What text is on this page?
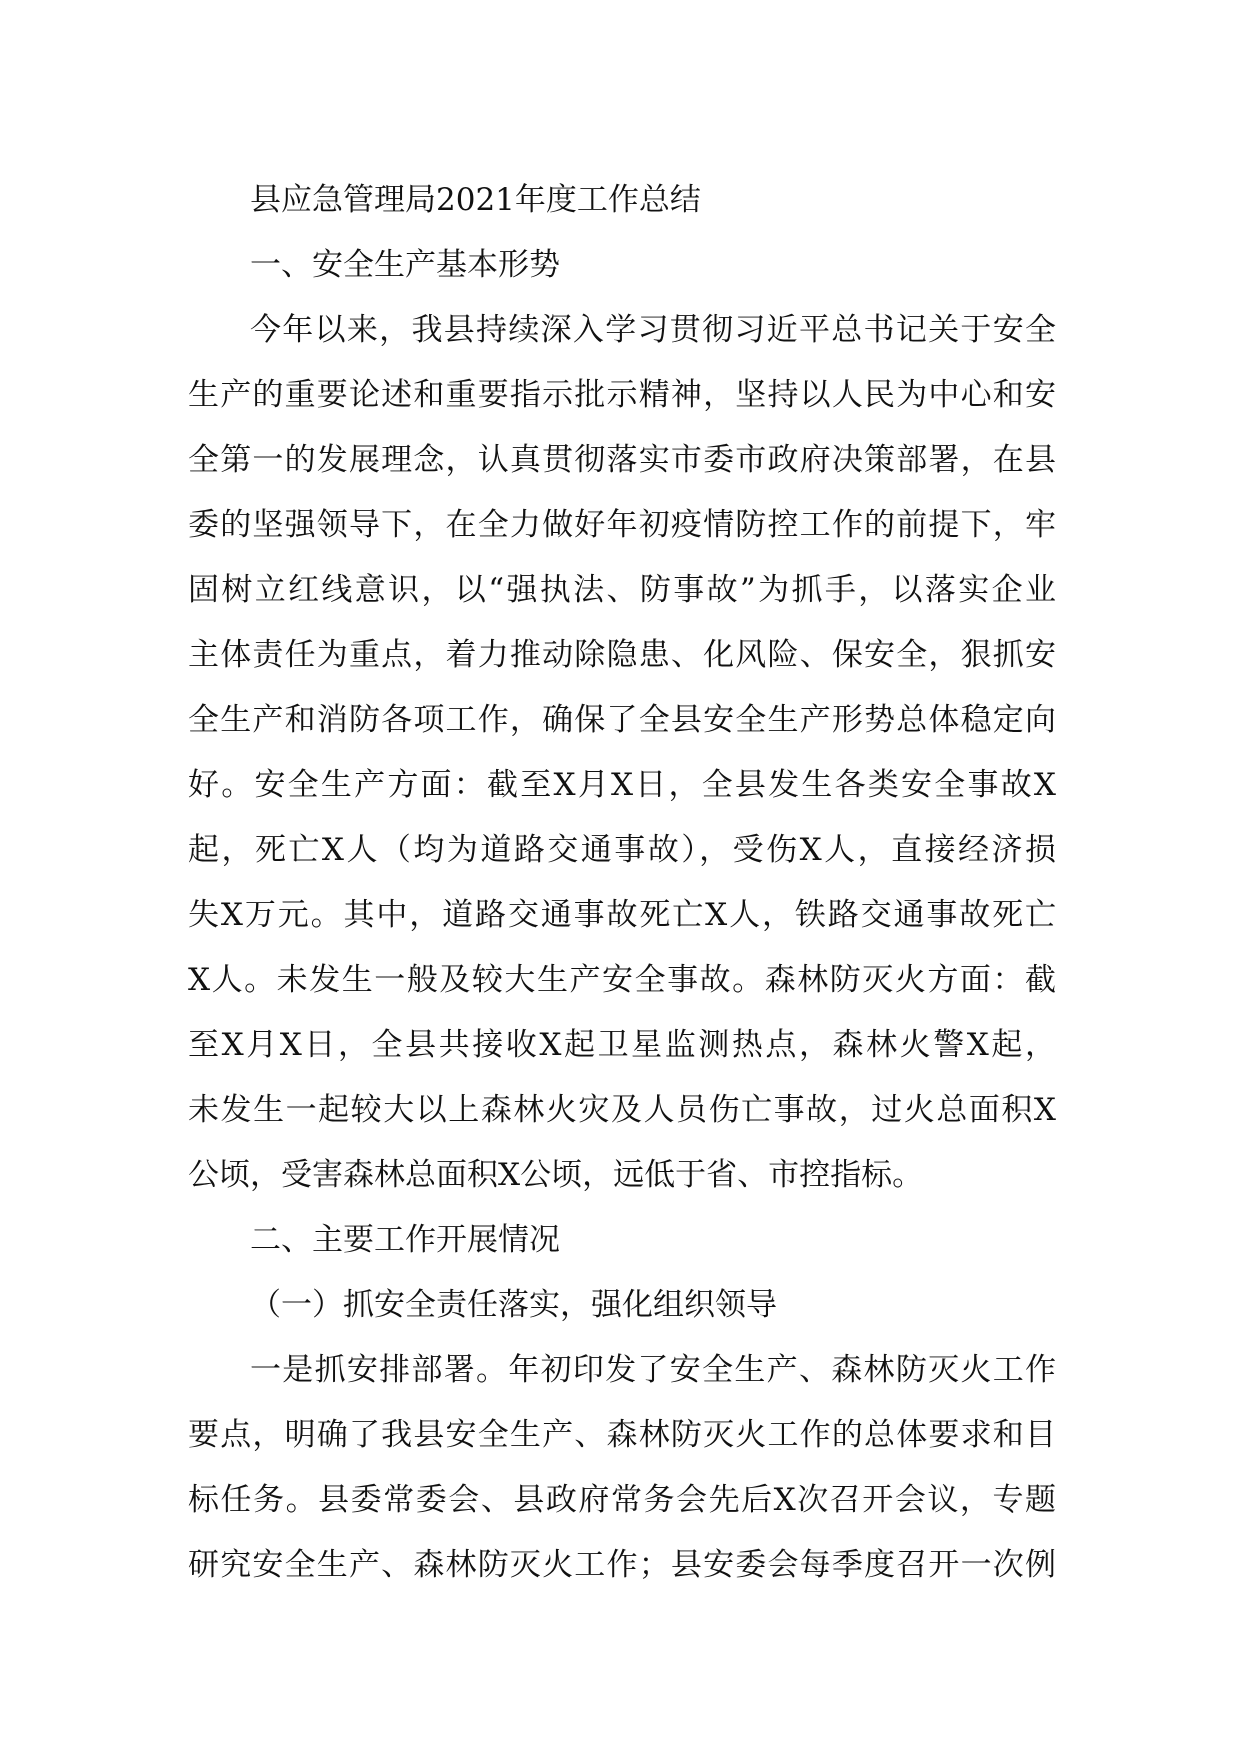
县应急管理局2021年度工作总结

一、安全生产基本形势

今年以来，我县持续深入学习贯彻习近平总书记关于安全

生产的重要论述和重要指示批示精神，坚持以人民为中心和安

全第一的发展理念，认真贯彻落实市委市政府决策部署，在县

委的坚强领导下，在全力做好年初疫情防控工作的前提下，牢

固树立红线意识，以“强执法、防事故”为抓手，以落实企业

主体责任为重点，着力推动除隐患、化风险、保安全，狠抓安

全生产和消防各项工作，确保了全县安全生产形势总体稳定向

好。安全生产方面：截至X月X日，全县发生各类安全事故X

起，死亡X人（均为道路交通事故），受伤X人，直接经济损

失X万元。其中，道路交通事故死亡X人，铁路交通事故死亡

X人。未发生一般及较大生产安全事故。森林防灭火方面：截

至X月X日，全县共接收X起卫星监测热点，森林火警X起，

未发生一起较大以上森林火灾及人员伤亡事故，过火总面积X

公顷，受害森林总面积X公顷，远低于省、市控指标。

二、主要工作开展情况

（一）抓安全责任落实，强化组织领导

一是抓安排部署。年初印发了安全生产、森林防灭火工作

要点，明确了我县安全生产、森林防灭火工作的总体要求和目

标任务。县委常委会、县政府常务会先后X次召开会议，专题

研究安全生产、森林防灭火工作；县安委会每季度召开一次例
